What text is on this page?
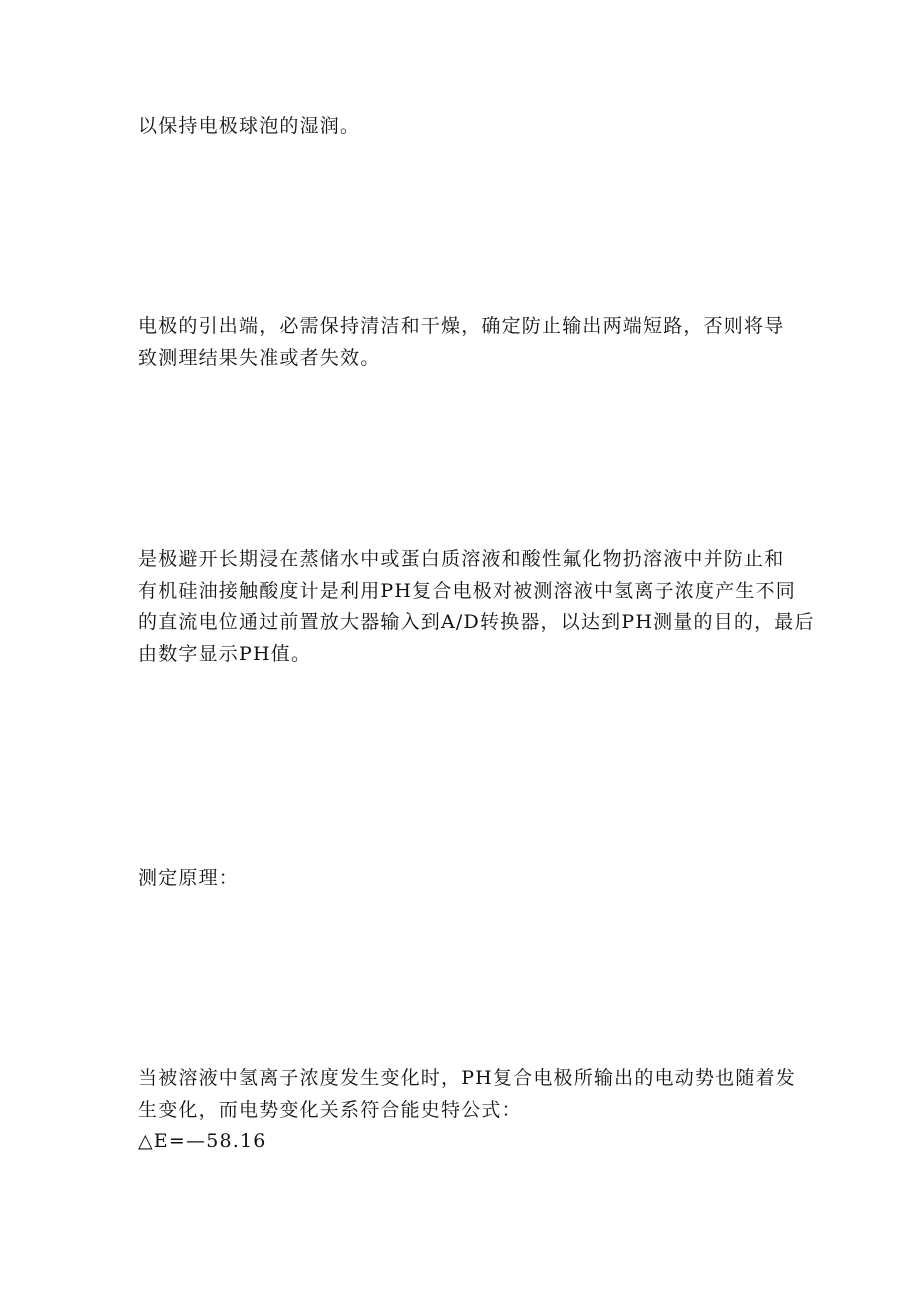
以保持电极球泡的湿润。

电极的引出端，必需保持清洁和干燥，确定防止输出两端短路，否则将导
致测理结果失准或者失效。

是极避开长期浸在蒸储水中或蛋白质溶液和酸性氟化物扔溶液中并防止和
有机硅油接触酸度计是利用PH复合电极对被测溶液中氢离子浓度产生不同
的直流电位通过前置放大器输入到A/D转换器，以达到PH测量的目的，最后
由数字显示PH值。

测定原理：

当被溶液中氢离子浓度发生变化时，PH复合电极所输出的电动势也随着发
生变化，而电势变化关系符合能史特公式：
△E=—58.16
